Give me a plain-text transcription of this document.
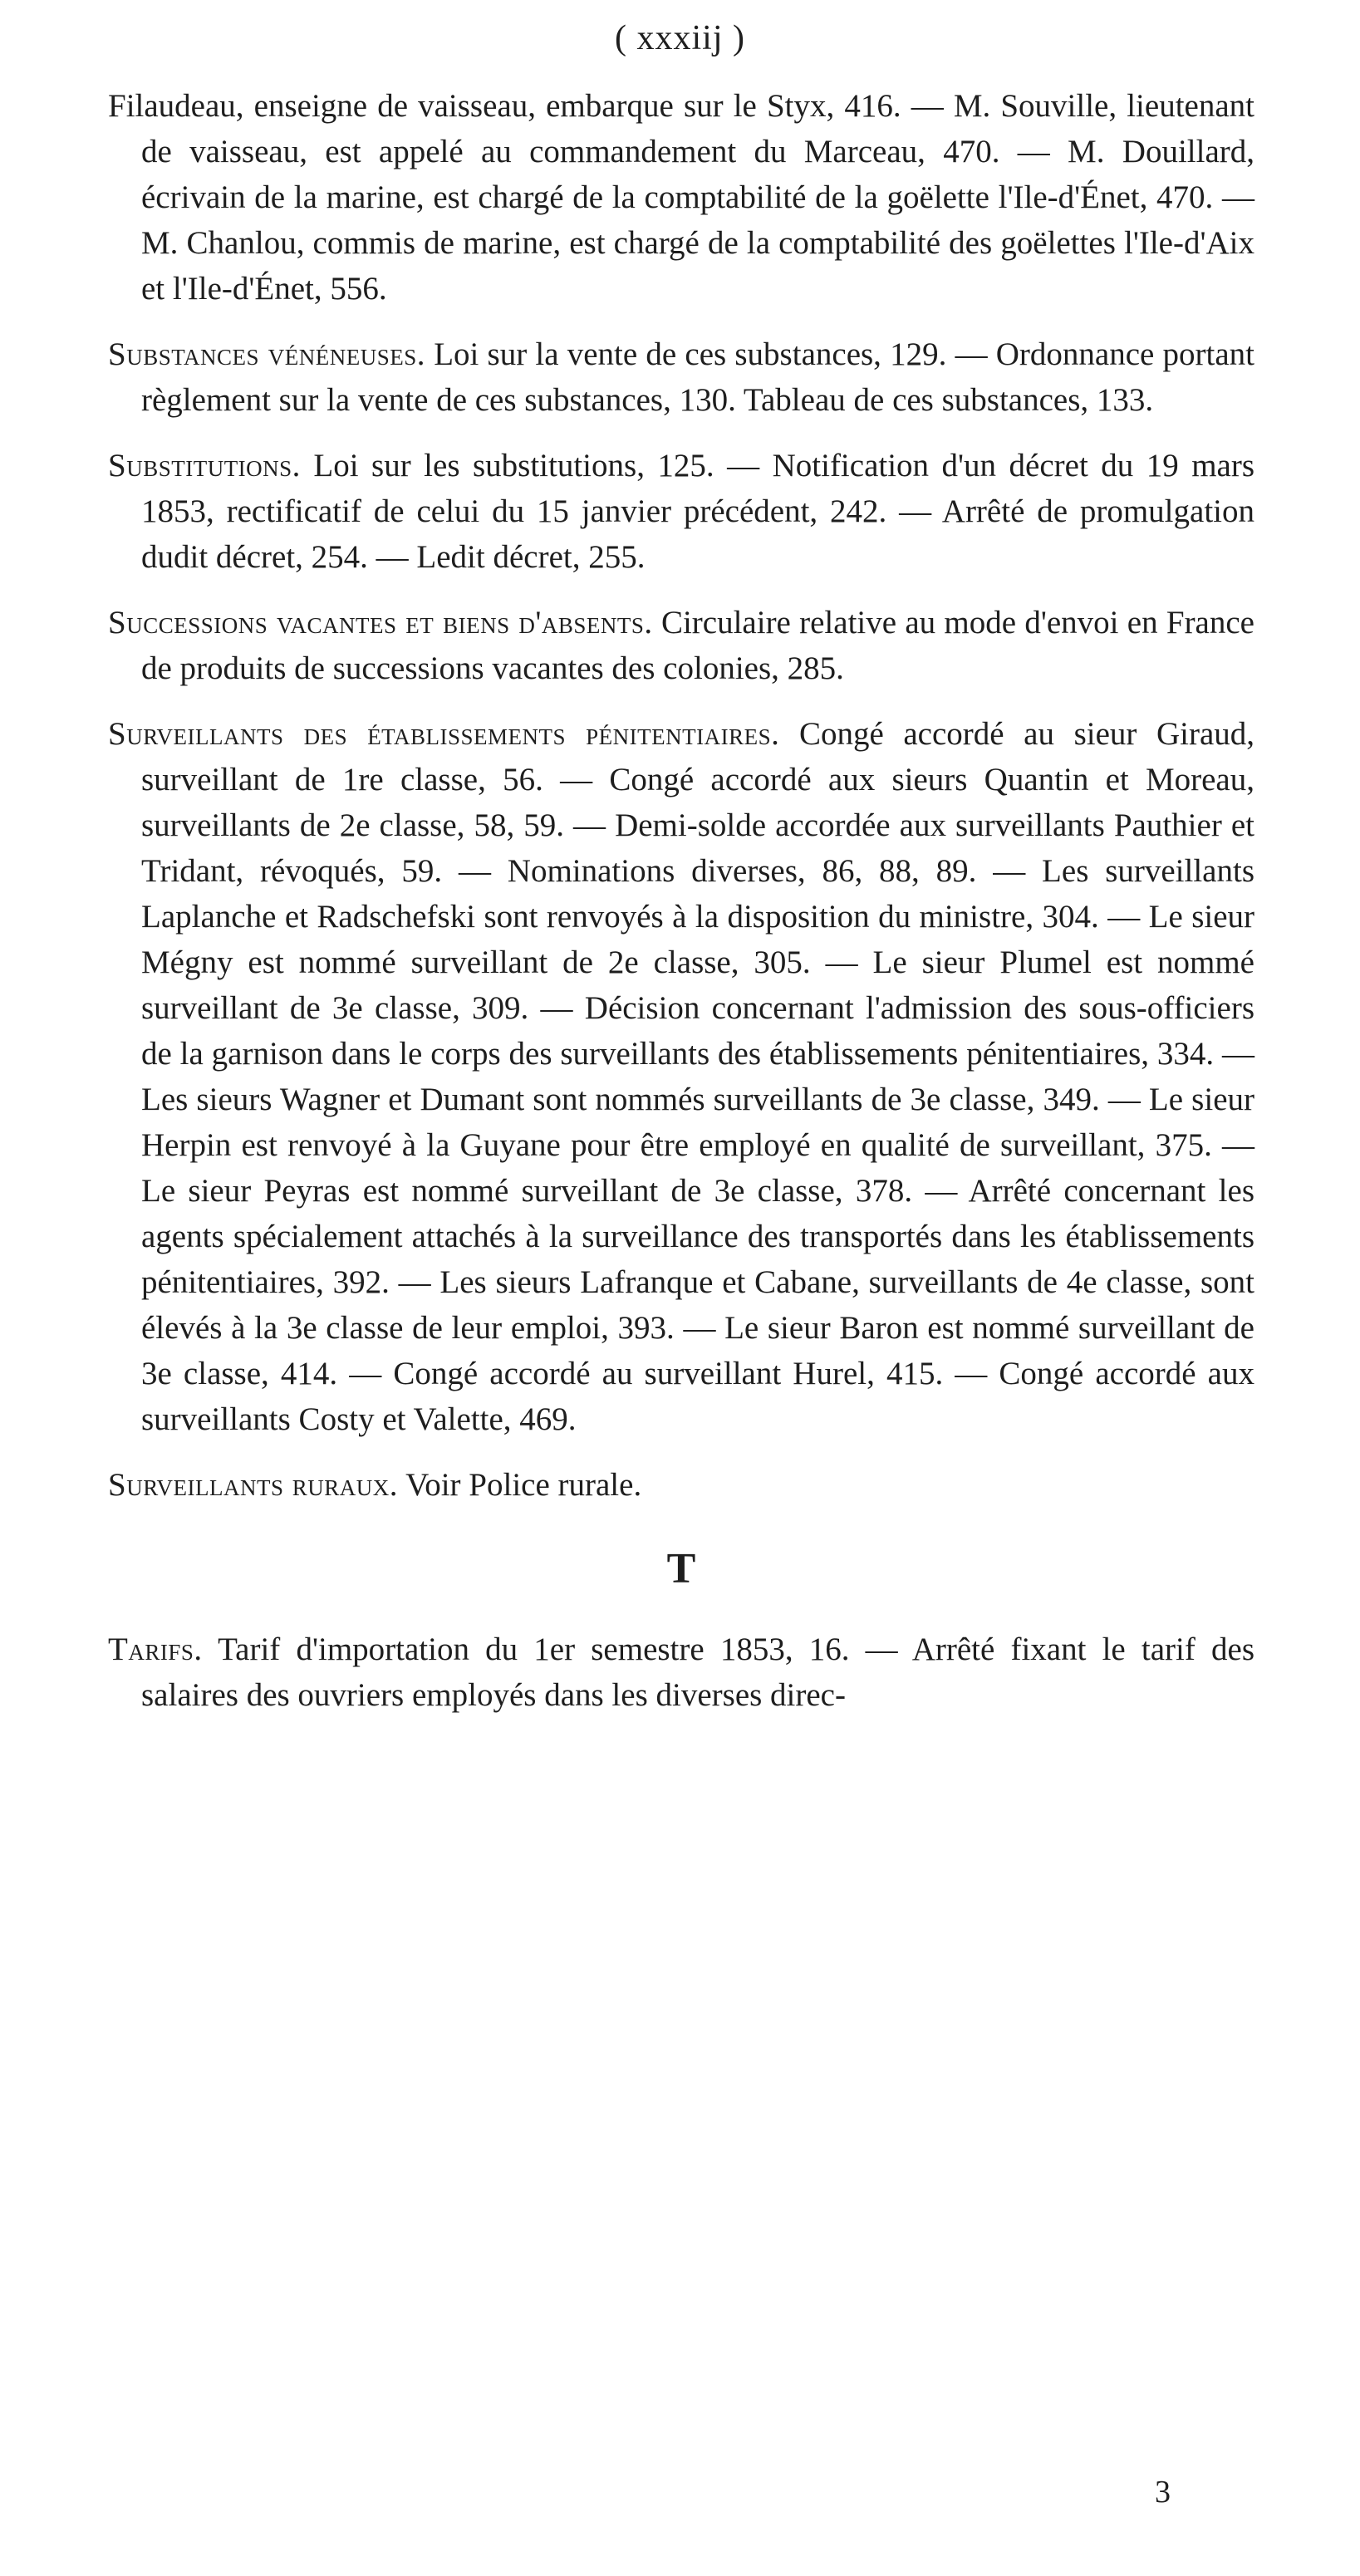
( xxxiij )

Filaudeau, enseigne de vaisseau, embarque sur le Styx, 416. — M. Souville, lieutenant de vaisseau, est appelé au commandement du Marceau, 470. — M. Douillard, écrivain de la marine, est chargé de la comptabilité de la goëlette l'Ile-d'Énet, 470. — M. Chanlou, commis de marine, est chargé de la comptabilité des goëlettes l'Ile-d'Aix et l'Ile-d'Énet, 556.

Substances vénéneuses. Loi sur la vente de ces substances, 129. — Ordonnance portant règlement sur la vente de ces substances, 130. Tableau de ces substances, 133.

Substitutions. Loi sur les substitutions, 125. — Notification d'un décret du 19 mars 1853, rectificatif de celui du 15 janvier précédent, 242. — Arrêté de promulgation dudit décret, 254. — Ledit décret, 255.

Successions vacantes et biens d'absents. Circulaire relative au mode d'envoi en France de produits de successions vacantes des colonies, 285.

Surveillants des établissements pénitentiaires. Congé accordé au sieur Giraud, surveillant de 1re classe, 56. — Congé accordé aux sieurs Quantin et Moreau, surveillants de 2e classe, 58, 59. — Demi-solde accordée aux surveillants Pauthier et Tridant, révoqués, 59. — Nominations diverses, 86, 88, 89. — Les surveillants Laplanche et Radschefski sont renvoyés à la disposition du ministre, 304. — Le sieur Mégny est nommé surveillant de 2e classe, 305. — Le sieur Plumel est nommé surveillant de 3e classe, 309. — Décision concernant l'admission des sous-officiers de la garnison dans le corps des surveillants des établissements pénitentiaires, 334. — Les sieurs Wagner et Dumant sont nommés surveillants de 3e classe, 349. — Le sieur Herpin est renvoyé à la Guyane pour être employé en qualité de surveillant, 375. — Le sieur Peyras est nommé surveillant de 3e classe, 378. — Arrêté concernant les agents spécialement attachés à la surveillance des transportés dans les établissements pénitentiaires, 392. — Les sieurs Lafranque et Cabane, surveillants de 4e classe, sont élevés à la 3e classe de leur emploi, 393. — Le sieur Baron est nommé surveillant de 3e classe, 414. — Congé accordé au surveillant Hurel, 415. — Congé accordé aux surveillants Costy et Valette, 469.

Surveillants ruraux. Voir Police rurale.

T

Tarifs. Tarif d'importation du 1er semestre 1853, 16. — Arrêté fixant le tarif des salaires des ouvriers employés dans les diverses direc-

3
